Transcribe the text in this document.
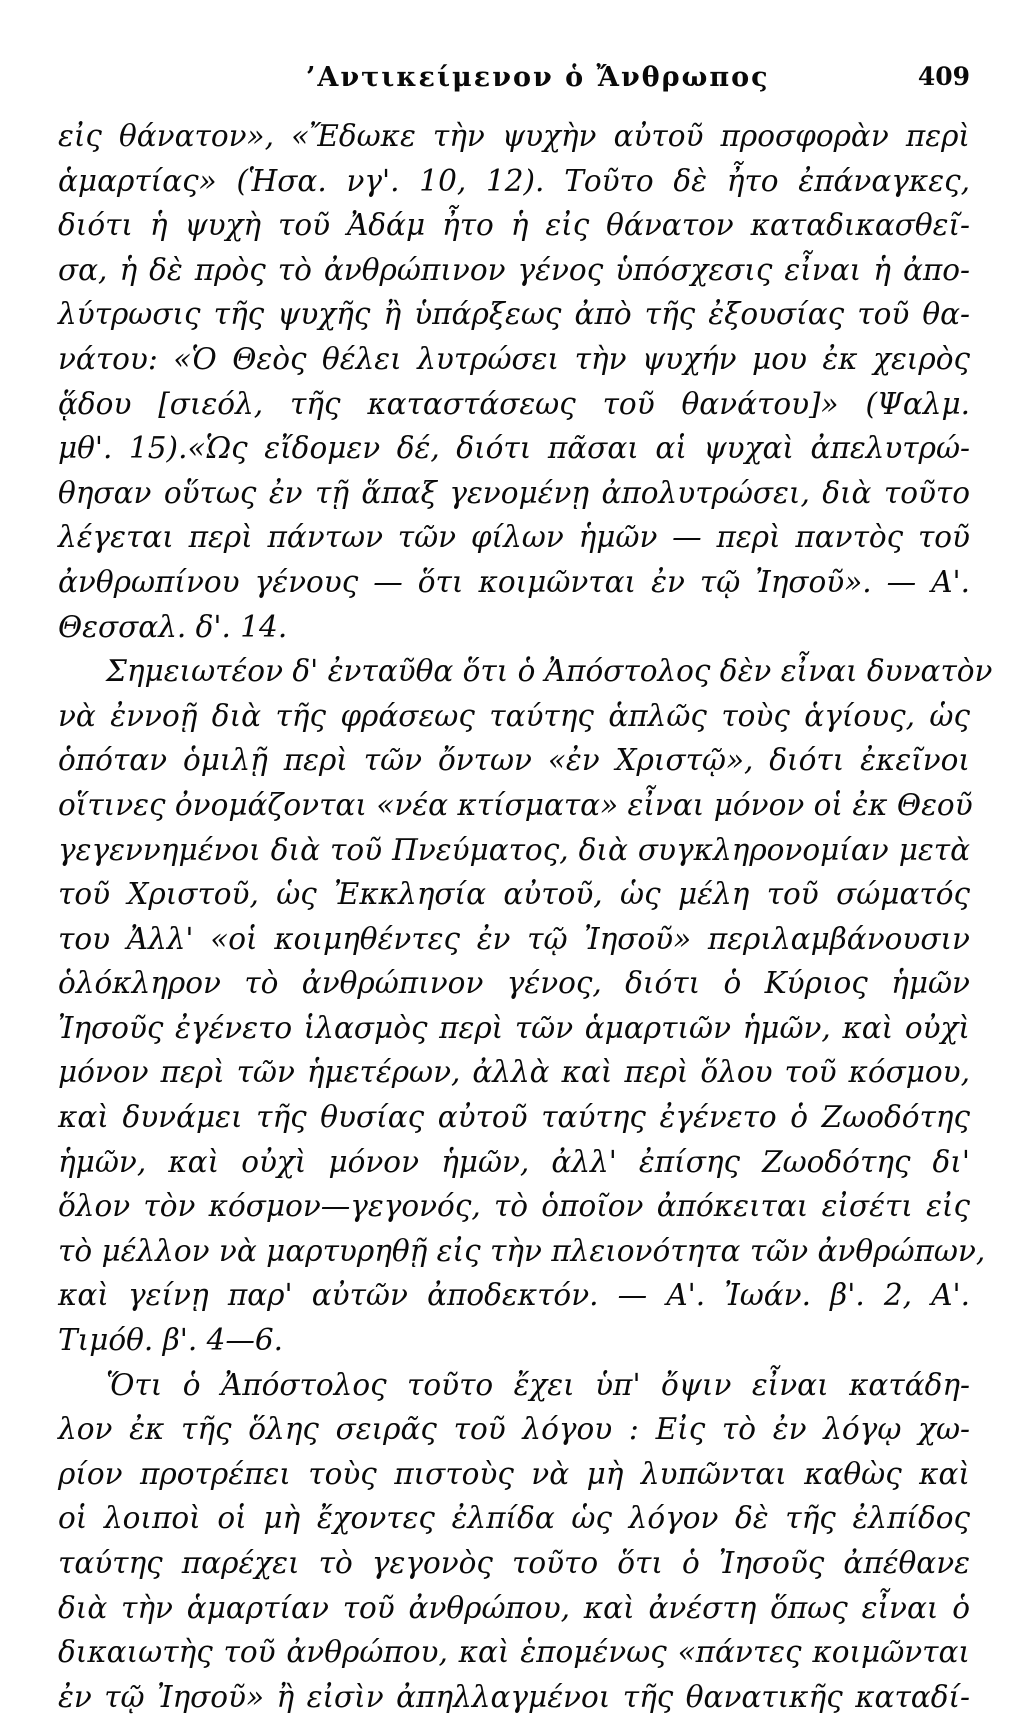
’Αντικείμενον ὁ Ἄνθρωπος	409
εἰς θάνατον», «Ἔδωκε τὴν ψυχὴν αὐτοῦ προσφορὰν περὶ
ἁμαρτίας» (Ἡσα. νγ'. 10, 12). Τοῦτο δὲ ἦτο ἐπάναγκες,
διότι ἡ ψυχὴ τοῦ Ἀδάμ ἦτο ἡ εἰς θάνατον καταδικασθεῖ-
σα, ἡ δὲ πρὸς τὸ ἀνθρώπινον γένος ὑπόσχεσις εἶναι ἡ ἀπο-
λύτρωσις τῆς ψυχῆς ἢ ὑπάρξεως ἀπὸ τῆς ἐξουσίας τοῦ θα-
νάτου: «Ὁ Θεὸς θέλει λυτρώσει τὴν ψυχήν μου ἐκ χειρὸς
ᾅδου [σιεόλ, τῆς καταστάσεως τοῦ θανάτου]» (Ψαλμ.
μθ'. 15).«Ὡς εἴδομεν δέ, διότι πᾶσαι αἱ ψυχαὶ ἀπελυτρώ-
θησαν οὕτως ἐν τῇ ἅπαξ γενομένῃ ἀπολυτρώσει, διὰ τοῦτο
λέγεται περὶ πάντων τῶν φίλων ἡμῶν — περὶ παντὸς τοῦ
ἀνθρωπίνου γένους — ὅτι κοιμῶνται ἐν τῷ Ἰησοῦ». — Α'.
Θεσσαλ. δ'. 14.
Σημειωτέον δ' ἐνταῦθα ὅτι ὁ Ἀπόστολος δὲν εἶναι δυνατὸν
νὰ ἐννοῇ διὰ τῆς φράσεως ταύτης ἁπλῶς τοὺς ἁγίους, ὡς
ὁπόταν ὁμιλῇ περὶ τῶν ὄντων «ἐν Χριστῷ», διότι ἐκεῖνοι
οἵτινες ὀνομάζονται «νέα κτίσματα» εἶναι μόνον οἱ ἐκ Θεοῦ
γεγεννημένοι διὰ τοῦ Πνεύματος, διὰ συγκληρονομίαν μετὰ
τοῦ Χριστοῦ, ὡς Ἐκκλησία αὐτοῦ, ὡς μέλη τοῦ σώματός
του Ἀλλ' «οἱ κοιμηθέντες ἐν τῷ Ἰησοῦ» περιλαμβάνουσιν
ὁλόκληρον τὸ ἀνθρώπινον γένος, διότι ὁ Κύριος ἡμῶν
Ἰησοῦς ἐγένετο ἱλασμὸς περὶ τῶν ἁμαρτιῶν ἡμῶν, καὶ οὐχὶ
μόνον περὶ τῶν ἡμετέρων, ἀλλὰ καὶ περὶ ὅλου τοῦ κόσμου,
καὶ δυνάμει τῆς θυσίας αὐτοῦ ταύτης ἐγένετο ὁ Ζωοδότης
ἡμῶν, καὶ οὐχὶ μόνον ἡμῶν, ἀλλ' ἐπίσης Ζωοδότης δι'
ὅλον τὸν κόσμον—γεγονός, τὸ ὁποῖον ἀπόκειται εἰσέτι εἰς
τὸ μέλλον νὰ μαρτυρηθῇ εἰς τὴν πλειονότητα τῶν ἀνθρώπων,
καὶ γείνῃ παρ' αὐτῶν ἀποδεκτόν. — Α'. Ἰωάν. β'. 2, Α'.
Τιμόθ. β'. 4—6.
Ὅτι ὁ Ἀπόστολος τοῦτο ἔχει ὑπ' ὄψιν εἶναι κατάδη-
λον ἐκ τῆς ὅλης σειρᾶς τοῦ λόγου : Εἰς τὸ ἐν λόγῳ χω-
ρίον προτρέπει τοὺς πιστοὺς νὰ μὴ λυπῶνται καθὼς καὶ
οἱ λοιποὶ οἱ μὴ ἔχοντες ἐλπίδα ὡς λόγον δὲ τῆς ἐλπίδος
ταύτης παρέχει τὸ γεγονὸς τοῦτο ὅτι ὁ Ἰησοῦς ἀπέθανε
διὰ τὴν ἁμαρτίαν τοῦ ἀνθρώπου, καὶ ἀνέστη ὅπως εἶναι ὁ
δικαιωτὴς τοῦ ἀνθρώπου, καὶ ἑπομένως «πάντες κοιμῶνται
ἐν τῷ Ἰησοῦ» ἢ εἰσὶν ἀπηλλαγμένοι τῆς θανατικῆς καταδί-
